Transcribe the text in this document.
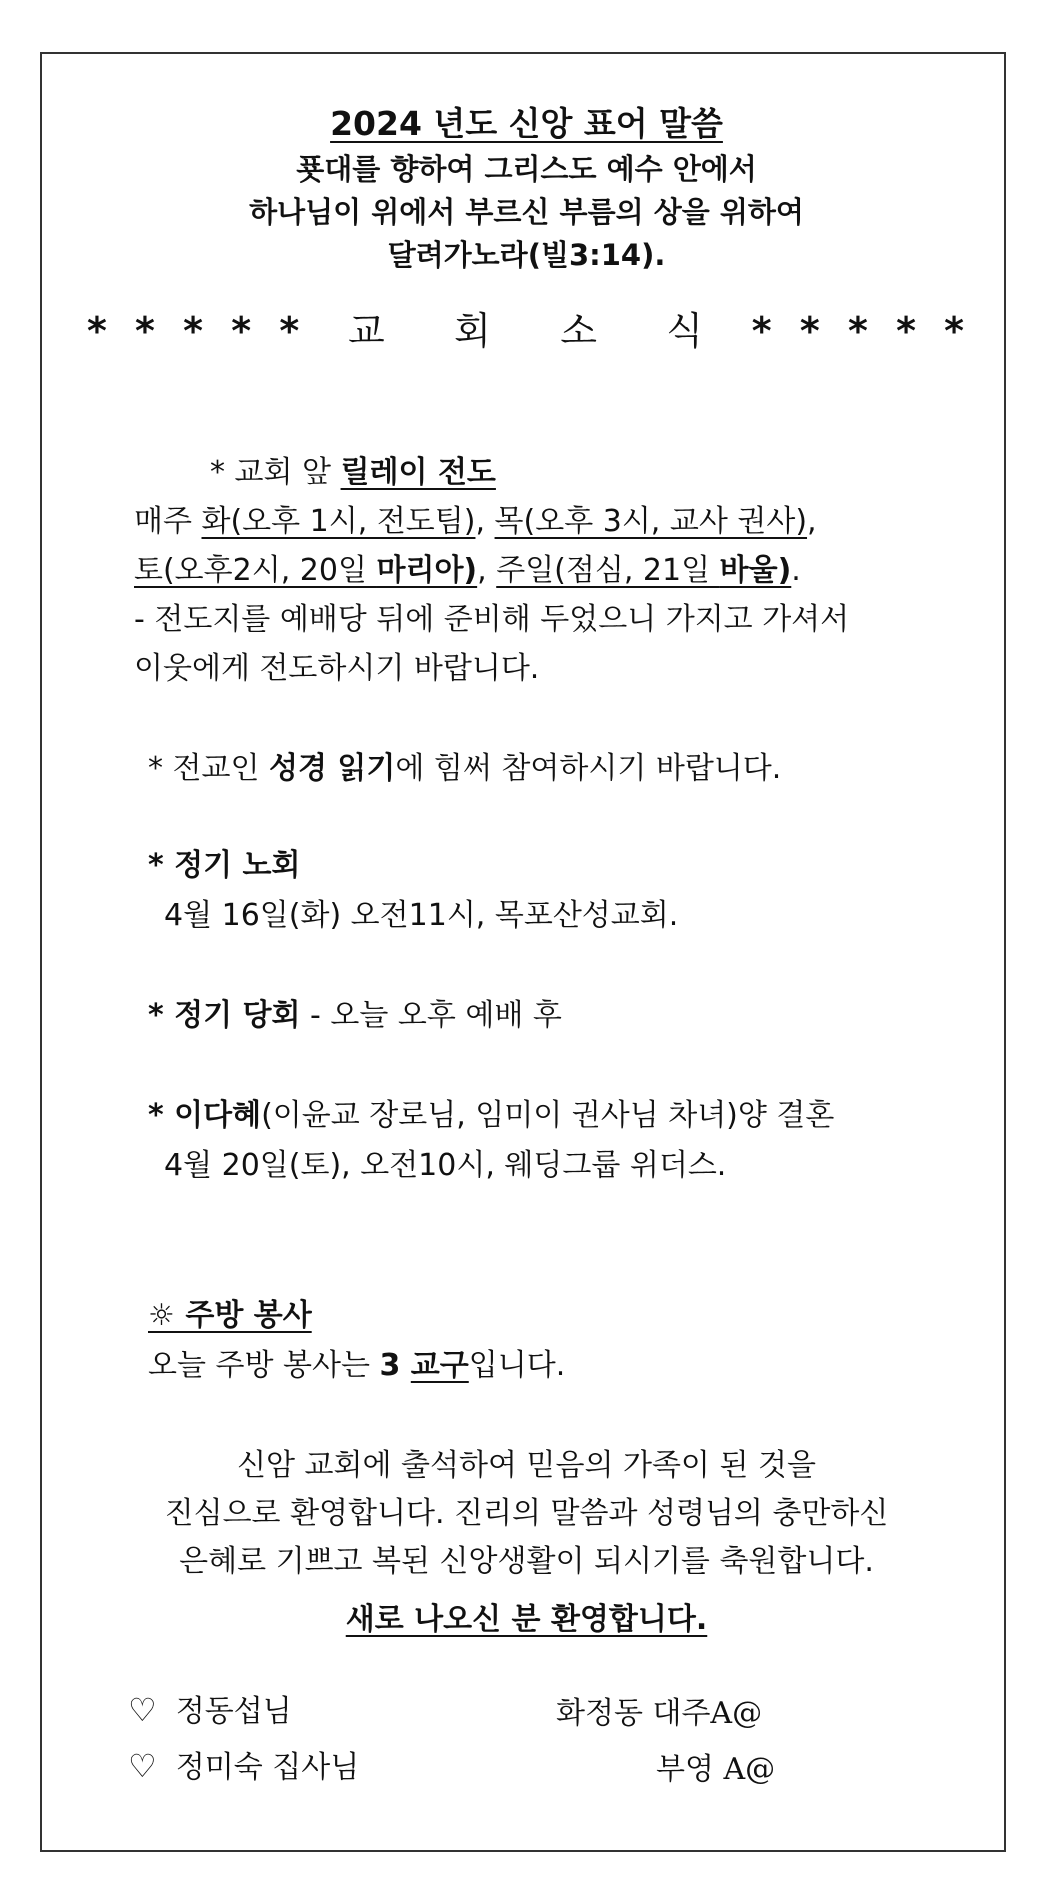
2024 년도 신앙 표어 말씀
푯대를 향하여 그리스도 예수 안에서
하나님이 위에서 부르신 부름의 상을 위하여
달려가노라(빌3:14).
* * * * * 교 회 소 식 * * * * *
* 교회 앞 릴레이 전도
매주 화(오후 1시, 전도팀), 목(오후 3시, 교사 권사),
토(오후2시, 20일 마리아), 주일(점심, 21일 바울).
- 전도지를 예배당 뒤에 준비해 두었으니 가지고 가셔서
이웃에게 전도하시기 바랍니다.
* 전교인 성경 읽기에 힘써 참여하시기 바랍니다.
* 정기 노회
4월 16일(화) 오전11시, 목포산성교회.
* 정기 당회 - 오늘 오후 예배 후
* 이다혜(이윤교 장로님, 임미이 권사님 차녀)양 결혼
4월 20일(토), 오전10시, 웨딩그룹 위더스.
☼ 주방 봉사
오늘 주방 봉사는 3 교구입니다.
신암 교회에 출석하여 믿음의 가족이 된 것을
진심으로 환영합니다. 진리의 말씀과 성령님의 충만하신
은혜로 기쁘고 복된 신앙생활이 되시기를 축원합니다.
새로 나오신 분 환영합니다.
♡ 정동섭님	화정동 대주A@
♡ 정미숙 집사님	부영 A@
